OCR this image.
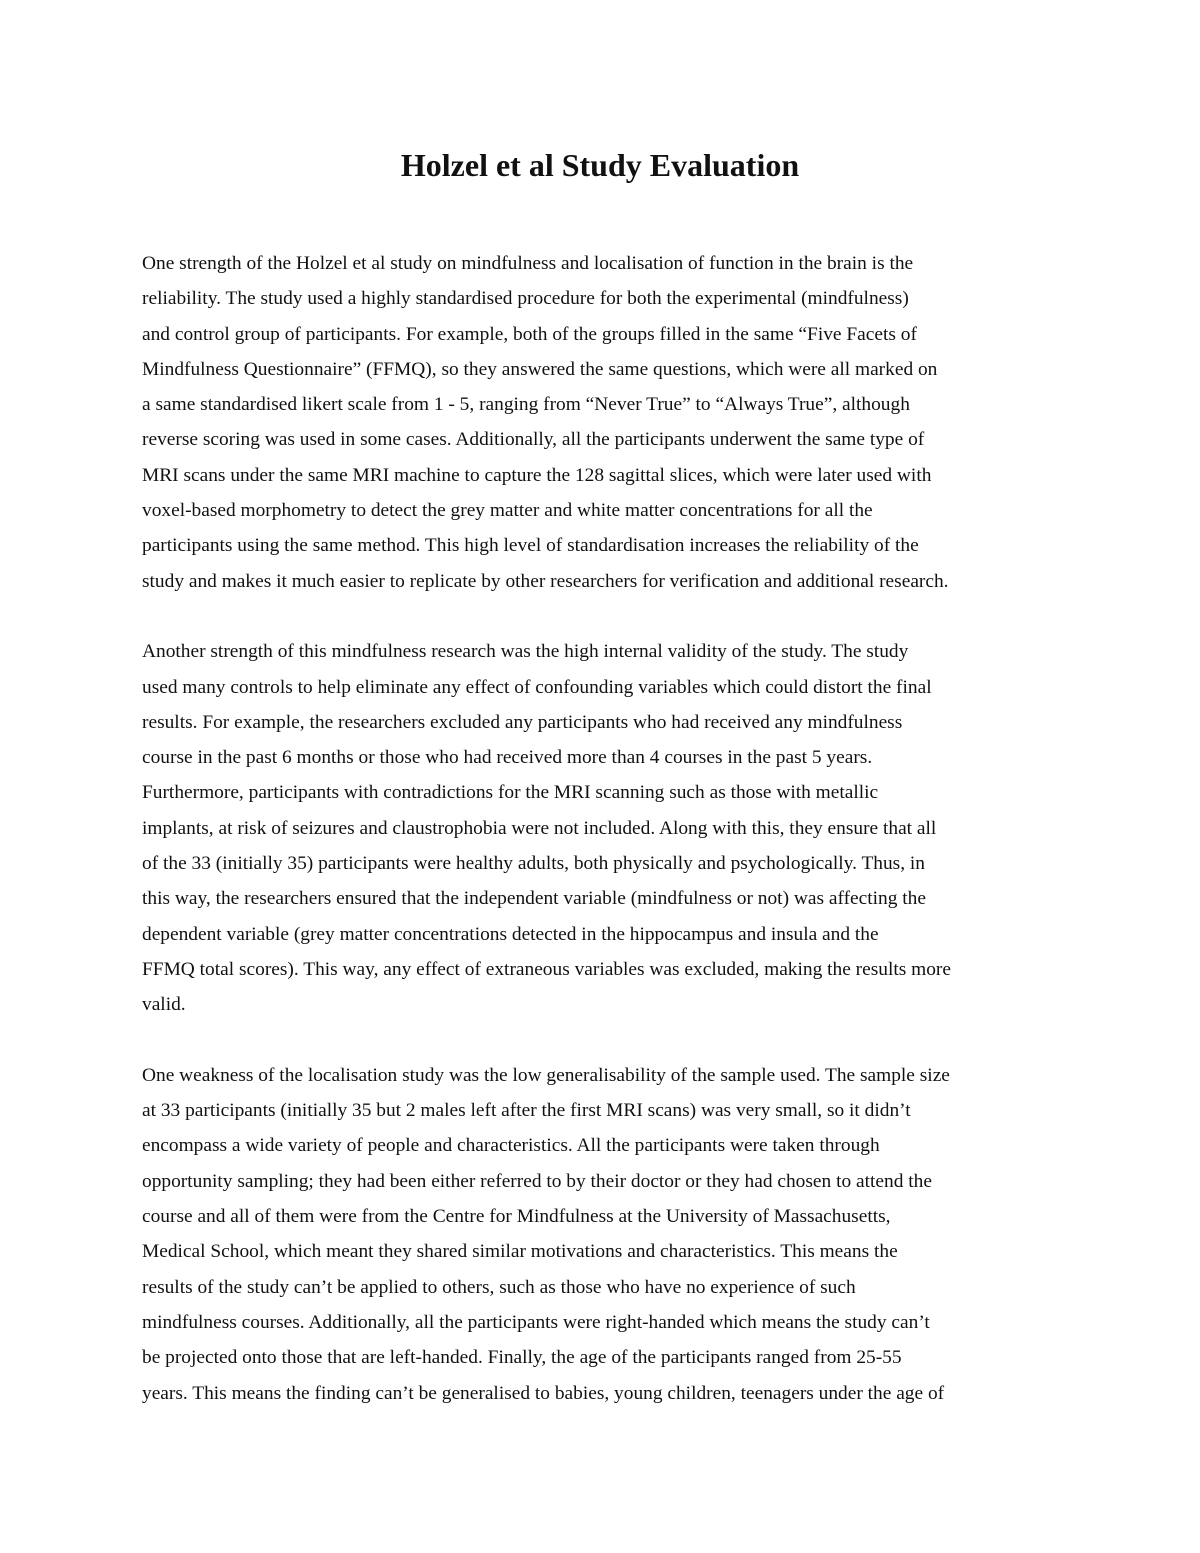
Holzel et al Study Evaluation

One strength of the Holzel et al study on mindfulness and localisation of function in the brain is the
reliability. The study used a highly standardised procedure for both the experimental (mindfulness)
and control group of participants. For example, both of the groups filled in the same “Five Facets of
Mindfulness Questionnaire” (FFMQ), so they answered the same questions, which were all marked on
a same standardised likert scale from 1 - 5, ranging from “Never True” to “Always True”, although
reverse scoring was used in some cases. Additionally, all the participants underwent the same type of
MRI scans under the same MRI machine to capture the 128 sagittal slices, which were later used with
voxel-based morphometry to detect the grey matter and white matter concentrations for all the
participants using the same method. This high level of standardisation increases the reliability of the
study and makes it much easier to replicate by other researchers for verification and additional research.

Another strength of this mindfulness research was the high internal validity of the study. The study
used many controls to help eliminate any effect of confounding variables which could distort the final
results. For example, the researchers excluded any participants who had received any mindfulness
course in the past 6 months or those who had received more than 4 courses in the past 5 years.
Furthermore, participants with contradictions for the MRI scanning such as those with metallic
implants, at risk of seizures and claustrophobia were not included. Along with this, they ensure that all
of the 33 (initially 35) participants were healthy adults, both physically and psychologically. Thus, in
this way, the researchers ensured that the independent variable (mindfulness or not) was affecting the
dependent variable (grey matter concentrations detected in the hippocampus and insula and the
FFMQ total scores). This way, any effect of extraneous variables was excluded, making the results more
valid.

One weakness of the localisation study was the low generalisability of the sample used. The sample size
at 33 participants (initially 35 but 2 males left after the first MRI scans) was very small, so it didn’t
encompass a wide variety of people and characteristics. All the participants were taken through
opportunity sampling; they had been either referred to by their doctor or they had chosen to attend the
course and all of them were from the Centre for Mindfulness at the University of Massachusetts,
Medical School, which meant they shared similar motivations and characteristics. This means the
results of the study can’t be applied to others, such as those who have no experience of such
mindfulness courses. Additionally, all the participants were right-handed which means the study can’t
be projected onto those that are left-handed. Finally, the age of the participants ranged from 25-55
years. This means the finding can’t be generalised to babies, young children, teenagers under the age of
